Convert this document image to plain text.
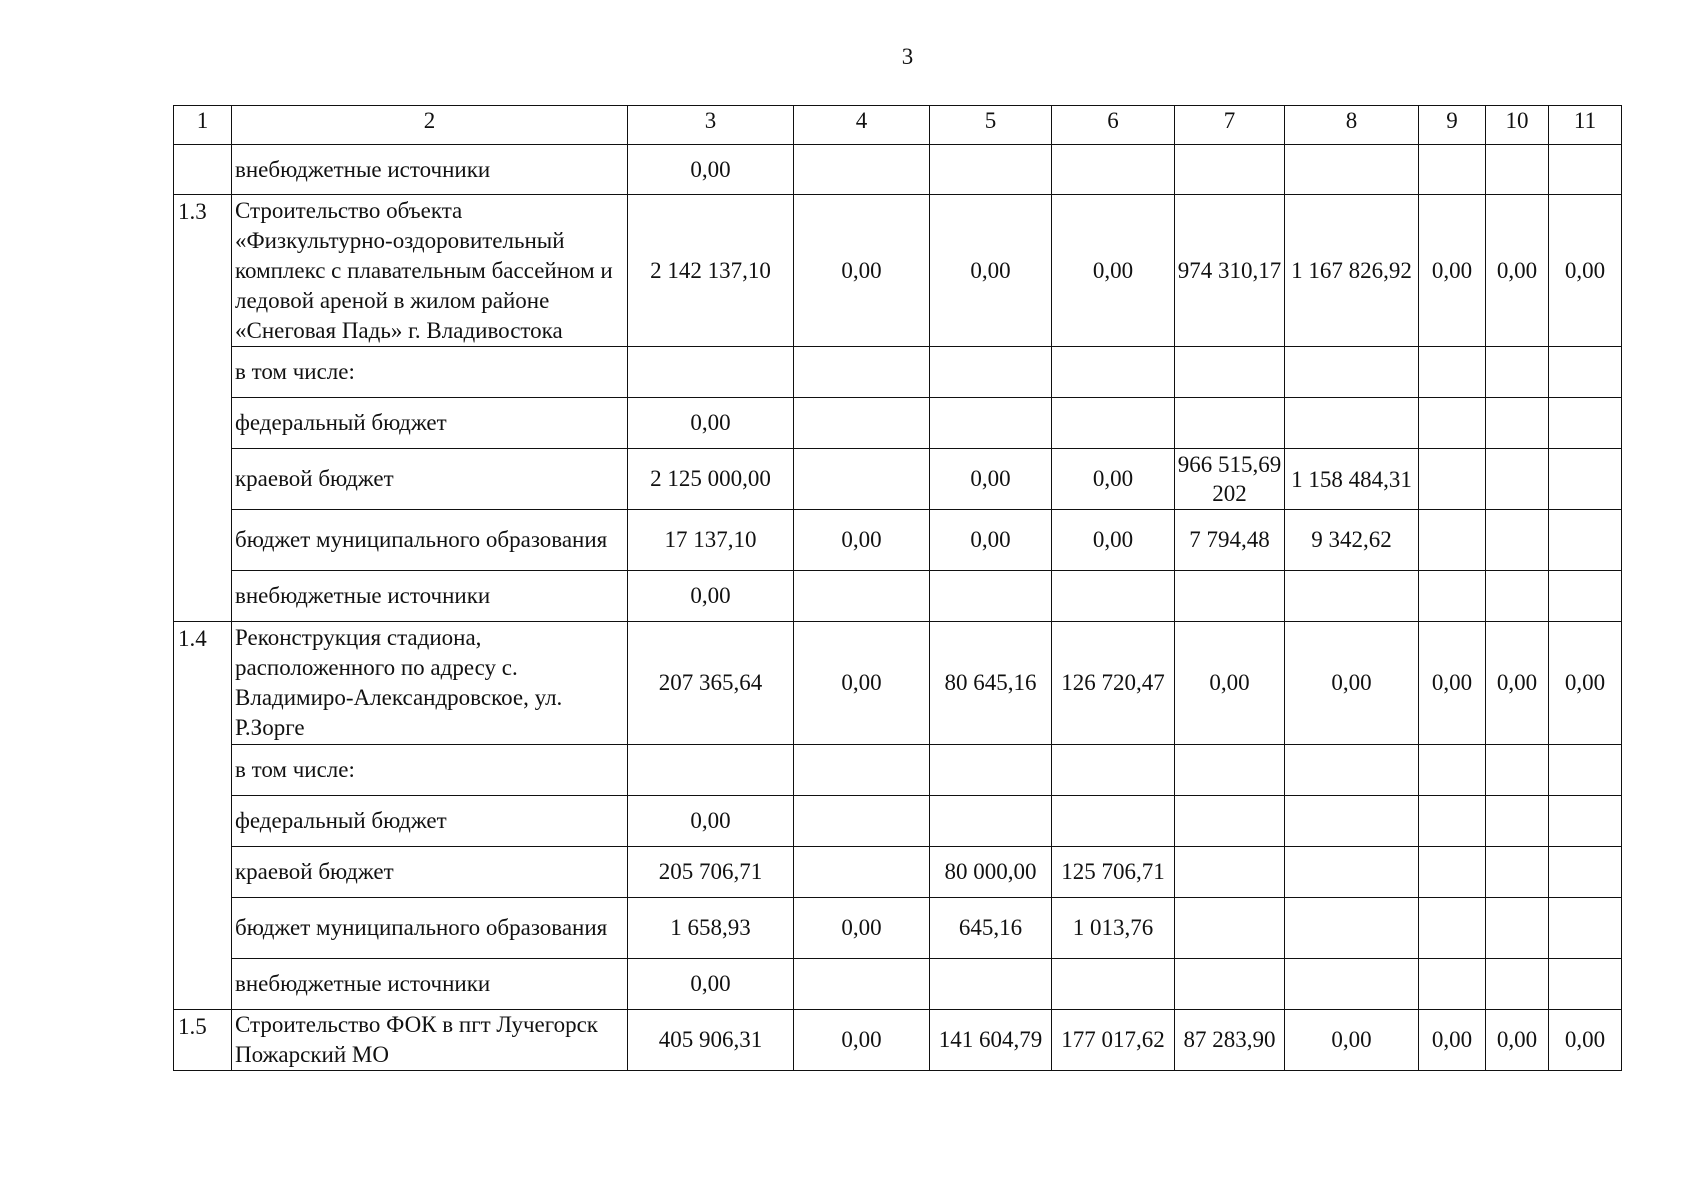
3
1	2	3	4	5	6	7	8	9	10	11
	внебюджетные источники	0,00								
1.3	Строительство объекта «Физкультурно-оздоровительный комплекс с плавательным бассейном и ледовой ареной в жилом районе «Снеговая Падь» г. Владивостока	2 142 137,10	0,00	0,00	0,00	974 310,17	1 167 826,92	0,00	0,00	0,00
	в том числе:									
	федеральный бюджет	0,00								
	краевой бюджет	2 125 000,00		0,00	0,00	966 515,69202	1 158 484,31			
	бюджет муниципального образования	17 137,10	0,00	0,00	0,00	7 794,48	9 342,62			
	внебюджетные источники	0,00								
1.4	Реконструкция стадиона, расположенного по адресу с. Владимиро-Александровское, ул. Р.Зорге	207 365,64	0,00	80 645,16	126 720,47	0,00	0,00	0,00	0,00	0,00
	в том числе:									
	федеральный бюджет	0,00								
	краевой бюджет	205 706,71		80 000,00	125 706,71					
	бюджет муниципального образования	1 658,93	0,00	645,16	1 013,76					
	внебюджетные источники	0,00								
1.5	Строительство ФОК в пгт Лучегорск Пожарский МО	405 906,31	0,00	141 604,79	177 017,62	87 283,90	0,00	0,00	0,00	0,00
